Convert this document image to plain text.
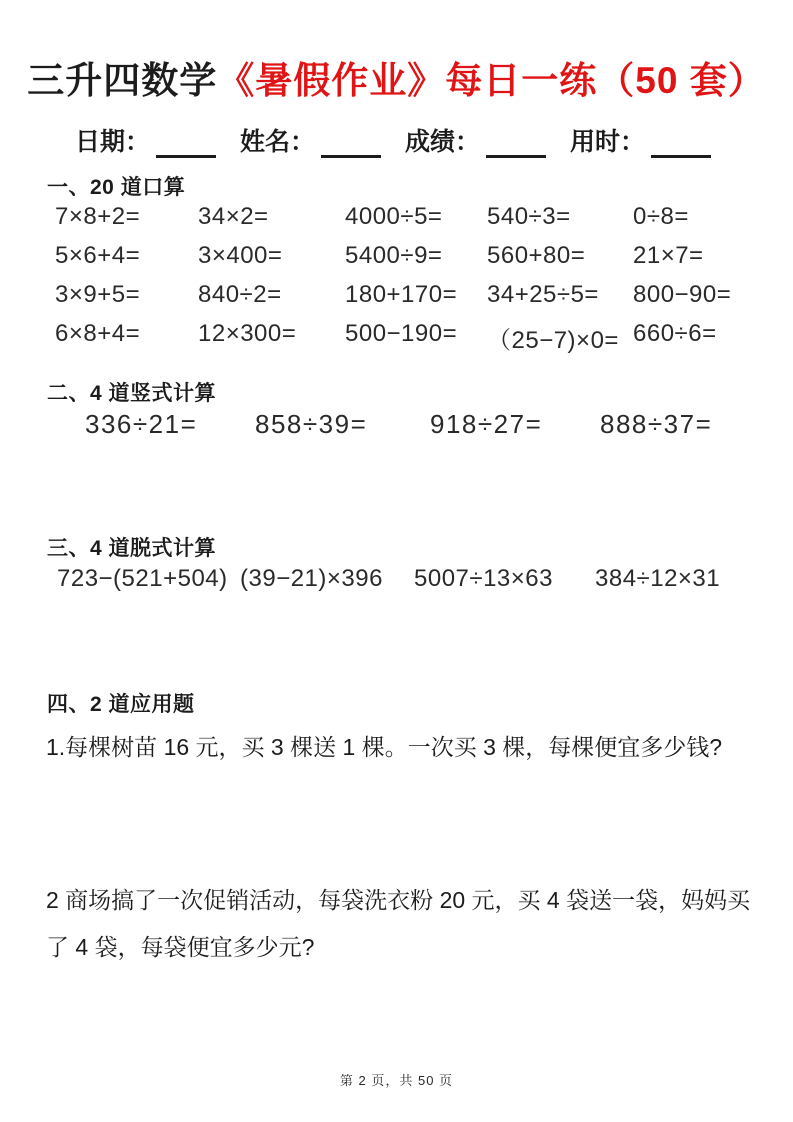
三升四数学《暑假作业》每日一练（50 套）
日期：	姓名：	成绩：	用时：
一、20 道口算
7×8+2=	34×2=	4000÷5=	540÷3=	0÷8=
5×6+4=	3×400=	5400÷9=	560+80=	21×7=
3×9+5=	840÷2=	180+170=	34+25÷5=	800−90=
6×8+4=	12×300=	500−190=	（25−7)×0= 660÷6=
二、4 道竖式计算
336÷21=	858÷39=	918÷27=	888÷37=
三、4 道脱式计算
723−(521+504) (39−21)×396	5007÷13×63	384÷12×31
四、2 道应用题
1.每棵树苗 16 元，买 3 棵送 1 棵。一次买 3 棵，每棵便宜多少钱?
2 商场搞了一次促销活动，每袋洗衣粉 20 元，买 4 袋送一袋，妈妈买了 4 袋，每袋便宜多少元?
第 2 页，共 50 页
